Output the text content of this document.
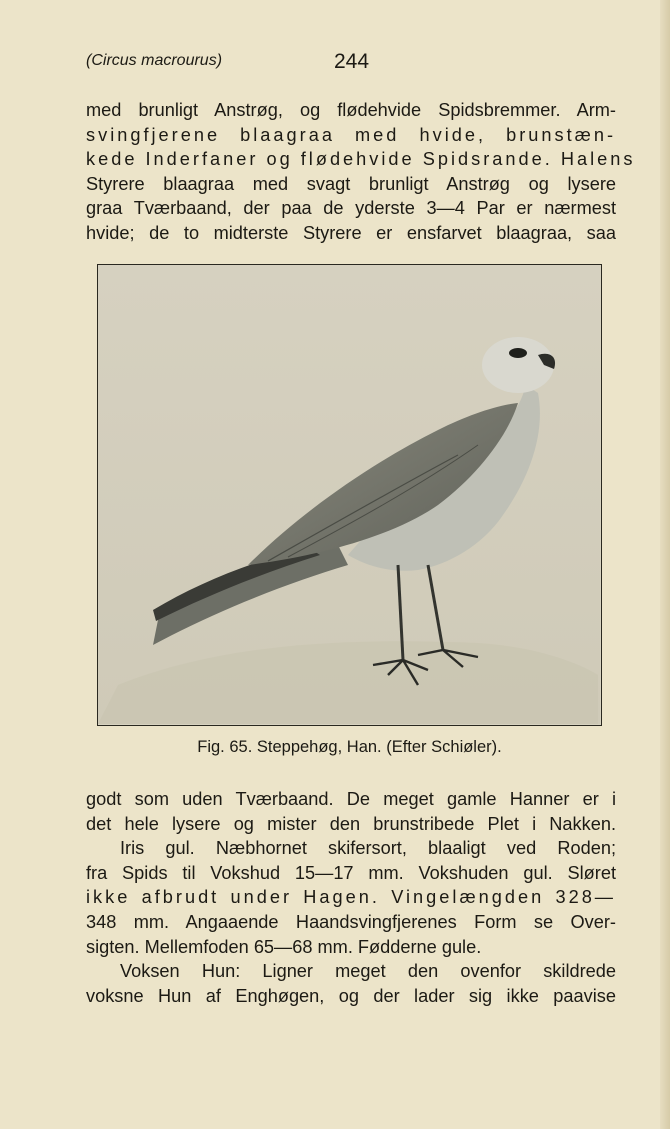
(Circus macrourus)	244
med brunligt Anstrøg, og flødehvide Spidsbremmer. Arm-
svingfjerene blaagraa med hvide, brunstæn-
kede Inderfaner og flødehvide Spidsrande. Halens
Styrere blaagraa med svagt brunligt Anstrøg og lysere
graa Tværbaand, der paa de yderste 3—4 Par er nærmest
hvide; de to midterste Styrere er ensfarvet blaagraa, saa
Fig. 65. Steppehøg, Han. (Efter Schiøler).
godt som uden Tværbaand. De meget gamle Hanner er i
det hele lysere og mister den brunstribede Plet i Nakken.
Iris gul. Næbhornet skifersort, blaaligt ved Roden;
fra Spids til Vokshud 15—17 mm. Vokshuden gul. Sløret
ikke afbrudt under Hagen. Vingelængden 328—
348 mm. Angaaende Haandsvingfjerenes Form se Over-
sigten. Mellemfoden 65—68 mm. Fødderne gule.
Voksen Hun: Ligner meget den ovenfor skildrede
voksne Hun af Enghøgen, og der lader sig ikke paavise
